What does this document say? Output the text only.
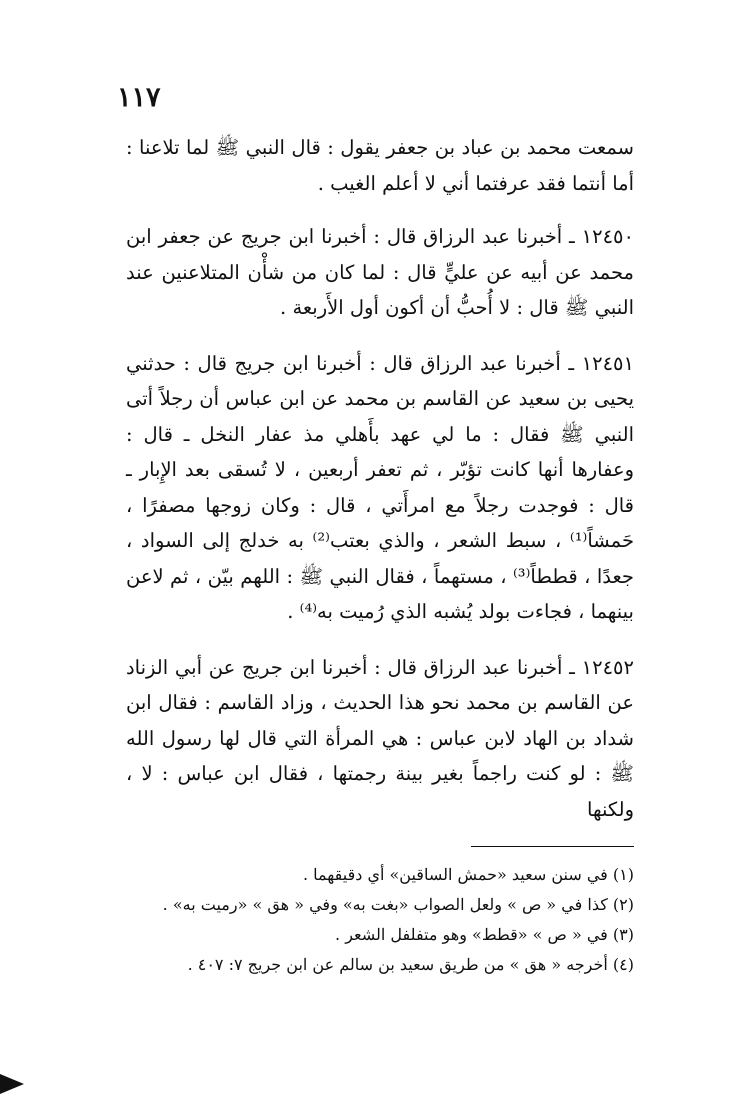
١١٧

سمعت محمد بن عباد بن جعفر يقول : قال النبي ﷺ لما تلاعنا : أما أنتما فقد عرفتما أني لا أعلم الغيب .

١٢٤٥٠ ـ أخبرنا عبد الرزاق قال : أخبرنا ابن جريج عن جعفر ابن محمد عن أبيه عن عليٍّ قال : لما كان من شأْن المتلاعنين عند النبي ﷺ قال : لا أُحبُّ أن أكون أول الأَربعة .

١٢٤٥١ ـ أخبرنا عبد الرزاق قال : أخبرنا ابن جريج قال : حدثني يحيى بن سعيد عن القاسم بن محمد عن ابن عباس أن رجلاً أتى النبي ﷺ فقال : ما لي عهد بأَهلي مذ عفار النخل ـ قال : وعفارها أنها كانت تؤبّر ، ثم تعفر أربعين ، لا تُسقى بعد الإِبار ـ قال : فوجدت رجلاً مع امرأَتي ، قال : وكان زوجها مصفرًا ، حَمشاً⁽¹⁾ ، سبط الشعر ، والذي بعتب⁽²⁾ به خدلج إلى السواد ، جعدًا ، قططاً⁽³⁾ ، مستهماً ، فقال النبي ﷺ : اللهم بيّن ، ثم لاعن بينهما ، فجاءت بولد يُشبه الذي رُميت به⁽⁴⁾ .

١٢٤٥٢ ـ أخبرنا عبد الرزاق قال : أخبرنا ابن جريج عن أبي الزناد عن القاسم بن محمد نحو هذا الحديث ، وزاد القاسم : فقال ابن شداد بن الهاد لابن عباس : هي المرأة التي قال لها رسول الله ﷺ : لو كنت راجماً بغير بينة رجمتها ، فقال ابن عباس : لا ، ولكنها

(١) في سنن سعيد «حمش الساقين» أي دقيقهما .
(٢) كذا في « ص » ولعل الصواب «بغت به» وفي « هق » «رميت به» .
(٣) في « ص » «قطط» وهو متفلفل الشعر .
(٤) أخرجه « هق » من طريق سعيد بن سالم عن ابن جريج ٧: ٤٠٧ .
